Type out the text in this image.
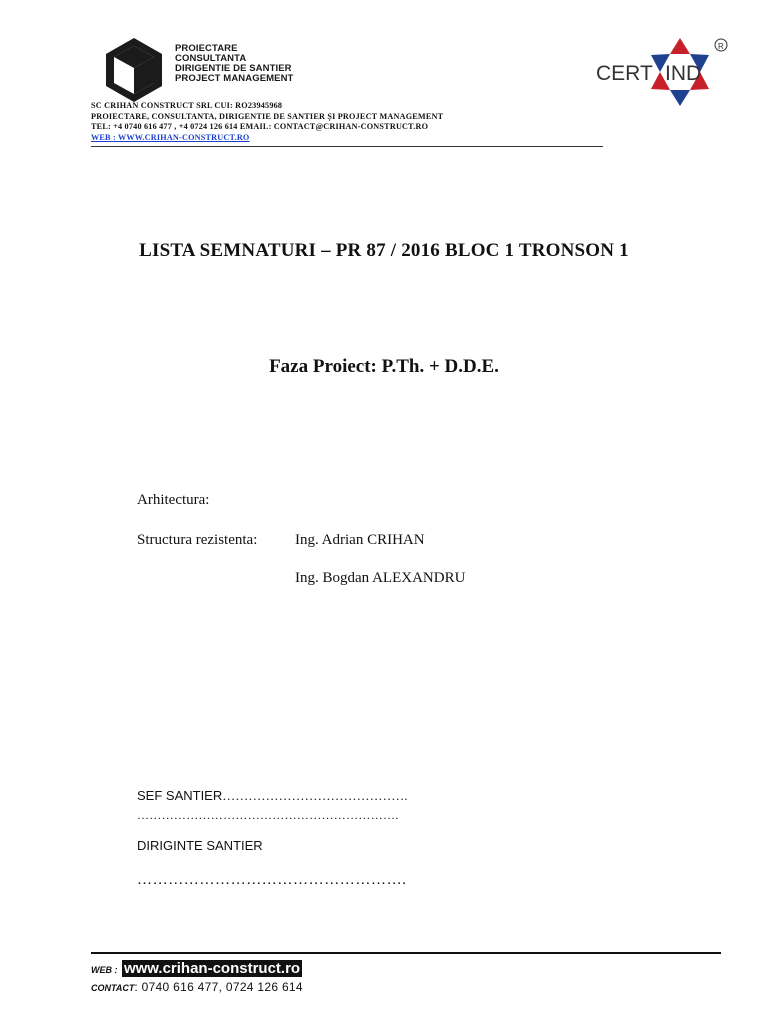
PROIECTARE
CONSULTANTA
DIRIGENTIE DE SANTIER
PROJECT MANAGEMENT	CERT IND
R
SC CRIHAN CONSTRUCT SRL CUI: RO23945968
PROIECTARE, CONSULTANTA, DIRIGENTIE DE SANTIER ȘI PROJECT MANAGEMENT
TEL: +4 0740 616 477 , +4 0724 126 614 EMAIL: CONTACT@CRIHAN-CONSTRUCT.RO
WEB : WWW.CRIHAN-CONSTRUCT.RO
LISTA SEMNATURI – PR 87 / 2016 BLOC 1 TRONSON 1
Faza Proiect: P.Th. + D.D.E.
Arhitectura:
Structura rezistenta:	Ing. Adrian CRIHAN
Ing. Bogdan ALEXANDRU
SEF SANTIER…………………………………….
……………………………………………………….
DIRIGINTE SANTIER
…………………………………………….
WEB : www.crihan-construct.ro
CONTACT: 0740 616 477, 0724 126 614
